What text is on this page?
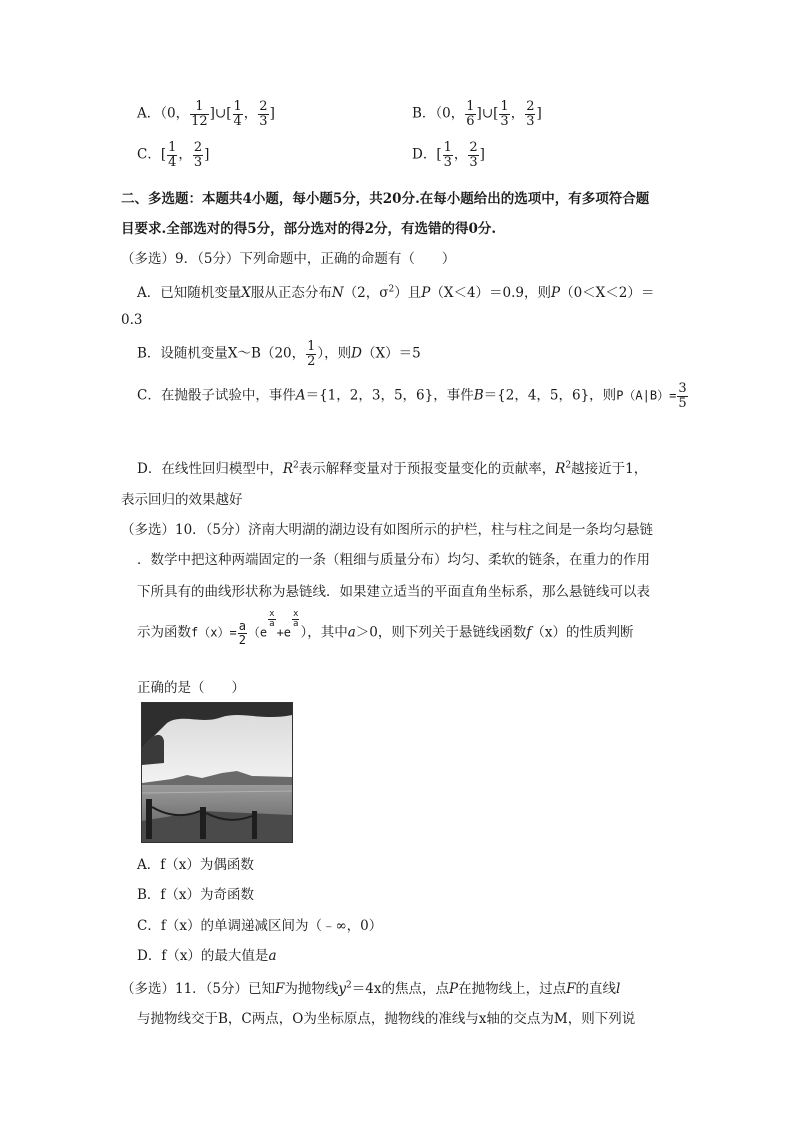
A．（0， $\frac{1}{12}$ ]∪[ $\frac{1}{4}$ ， $\frac{2}{3}$ ]	B．（0， $\frac{1}{6}$ ]∪[ $\frac{1}{3}$ ， $\frac{2}{3}$ ]
C．[ $\frac{1}{4}$ ， $\frac{2}{3}$ ]	D．[ $\frac{1}{3}$ ， $\frac{2}{3}$ ]
二、多选题：本题共4小题，每小题5分，共20分.在每小题给出的选项中，有多项符合题
目要求.全部选对的得5分，部分选对的得2分，有选错的得0分.
（多选）9．（5分）下列命题中，正确的命题有（　　）
A．已知随机变量X服从正态分布N（2，$\sigma^2$）且P（X＜4）＝0.9，则P（0＜X＜2）＝
0.3
B．设随机变量X～B（20， $\frac{1}{2}$ ），则D（X）＝5
C．在抛骰子试验中，事件A＝{1，2，3，5，6}，事件B＝{2，4，5，6}，则$P(A|B)= \frac{3}{5}$
D．在线性回归模型中，$R^2$表示解释变量对于预报变量变化的贡献率，$R^2$越接近于1，
表示回归的效果越好
（多选）10．（5分）济南大明湖的湖边设有如图所示的护栏，柱与柱之间是一条均匀悬链
．数学中把这种两端固定的一条（粗细与质量分布）均匀、柔软的链条，在重力的作用
下所具有的曲线形状称为悬链线．如果建立适当的平面直角坐标系，那么悬链线可以表
示为函数$f(x)= \frac{a}{2} (e$
$\frac{x}{a}$
+e
$\frac{x}{a}$
），其中a＞0，则下列关于悬链线函数f（x）的性质判断
正确的是（　　）
A．f（x）为偶函数
B．f（x）为奇函数
C．f（x）的单调递减区间为（﹣∞，0）
D．f（x）的最大值是a
（多选）11．（5分）已知F为抛物线$y^2=4x$的焦点，点P在抛物线上，过点F的直线l
与抛物线交于B，C两点，O为坐标原点，抛物线的准线与x轴的交点为M，则下列说
